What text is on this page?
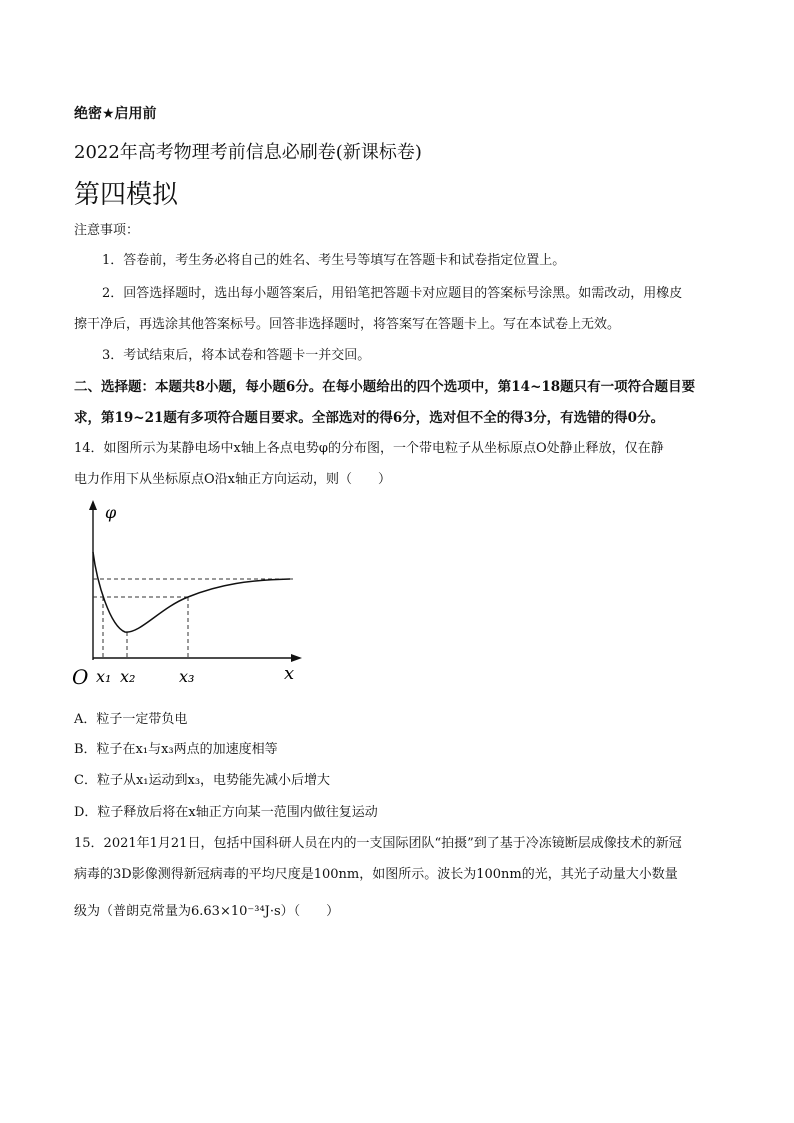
绝密★启用前
2022年高考物理考前信息必刷卷(新课标卷)
第四模拟
注意事项：
1．答卷前，考生务必将自己的姓名、考生号等填写在答题卡和试卷指定位置上。
2．回答选择题时，选出每小题答案后，用铅笔把答题卡对应题目的答案标号涂黑。如需改动，用橡皮
擦干净后，再选涂其他答案标号。回答非选择题时，将答案写在答题卡上。写在本试卷上无效。
3．考试结束后，将本试卷和答题卡一并交回。
二、选择题：本题共8小题，每小题6分。在每小题给出的四个选项中，第14~18题只有一项符合题目要
求，第19~21题有多项符合题目要求。全部选对的得6分，选对但不全的得3分，有选错的得0分。
14．如图所示为某静电场中x轴上各点电势φ的分布图，一个带电粒子从坐标原点O处静止释放，仅在静
电力作用下从坐标原点O沿x轴正方向运动，则（　　）
φ
x
O x₁ x₂	x₃
A．粒子一定带负电
B．粒子在x₁与x₃两点的加速度相等
C．粒子从x₁运动到x₃，电势能先减小后增大
D．粒子释放后将在x轴正方向某一范围内做往复运动
15．2021年1月21日，包括中国科研人员在内的一支国际团队“拍摄”到了基于冷冻镜断层成像技术的新冠
病毒的3D影像测得新冠病毒的平均尺度是100nm，如图所示。波长为100nm的光，其光子动量大小数量
级为（普朗克常量为6.63×10⁻³⁴J·s）（　　）
